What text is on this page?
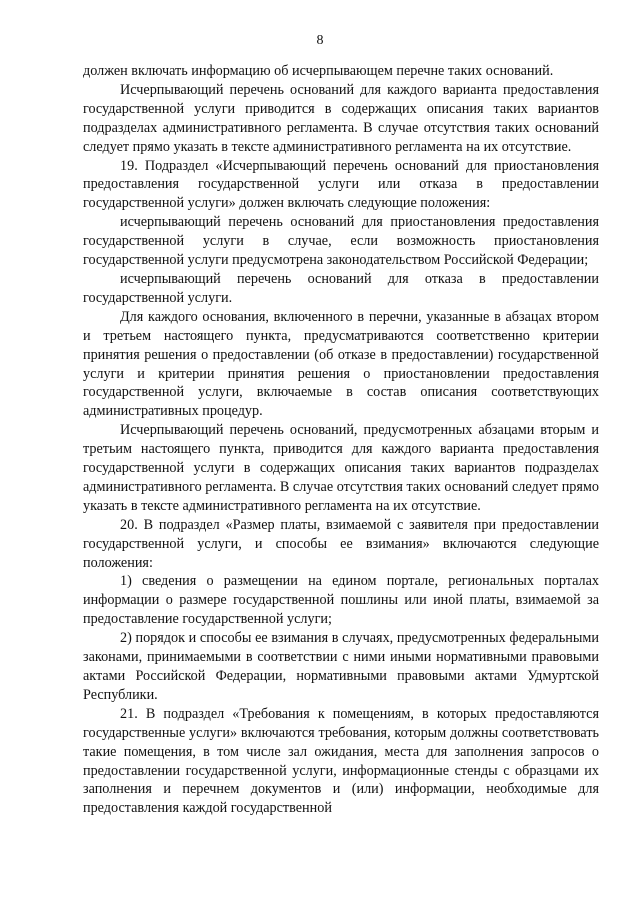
8

должен включать информацию об исчерпывающем перечне таких оснований.

Исчерпывающий перечень оснований для каждого варианта предоставления государственной услуги приводится в содержащих описания таких вариантов подразделах административного регламента. В случае отсутствия таких оснований следует прямо указать в тексте административного регламента на их отсутствие.

19. Подраздел «Исчерпывающий перечень оснований для приостановления предоставления государственной услуги или отказа в предоставлении государственной услуги» должен включать следующие положения:

исчерпывающий перечень оснований для приостановления предоставления государственной услуги в случае, если возможность приостановления государственной услуги предусмотрена законодательством Российской Федерации;

исчерпывающий перечень оснований для отказа в предоставлении государственной услуги.

Для каждого основания, включенного в перечни, указанные в абзацах втором и третьем настоящего пункта, предусматриваются соответственно критерии принятия решения о предоставлении (об отказе в предоставлении) государственной услуги и критерии принятия решения о приостановлении предоставления государственной услуги, включаемые в состав описания соответствующих административных процедур.

Исчерпывающий перечень оснований, предусмотренных абзацами вторым и третьим настоящего пункта, приводится для каждого варианта предоставления государственной услуги в содержащих описания таких вариантов подразделах административного регламента. В случае отсутствия таких оснований следует прямо указать в тексте административного регламента на их отсутствие.

20. В подраздел «Размер платы, взимаемой с заявителя при предоставлении государственной услуги, и способы ее взимания» включаются следующие положения:

1) сведения о размещении на едином портале, региональных порталах информации о размере государственной пошлины или иной платы, взимаемой за предоставление государственной услуги;

2) порядок и способы ее взимания в случаях, предусмотренных федеральными законами, принимаемыми в соответствии с ними иными нормативными правовыми актами Российской Федерации, нормативными правовыми актами Удмуртской Республики.

21. В подраздел «Требования к помещениям, в которых предоставляются государственные услуги» включаются требования, которым должны соответствовать такие помещения, в том числе зал ожидания, места для заполнения запросов о предоставлении государственной услуги, информационные стенды с образцами их заполнения и перечнем документов и (или) информации, необходимые для предоставления каждой государственной
